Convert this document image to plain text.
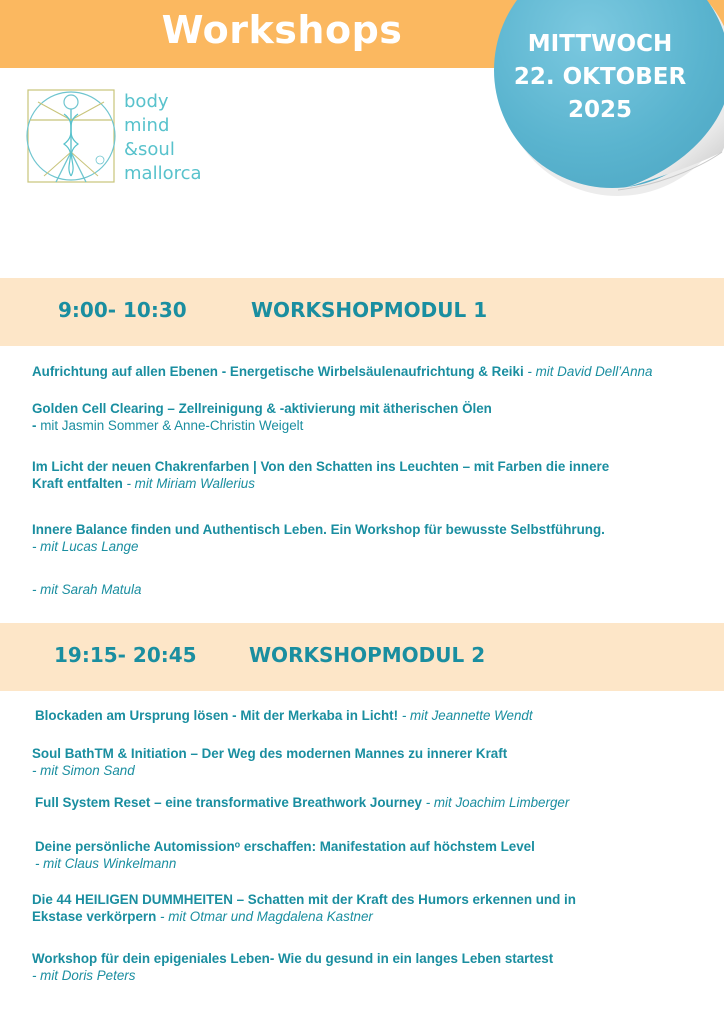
Workshops	MITTWOCH
22. OKTOBER
2025
body
mind
&soul
mallorca
9:00- 10:30	WORKSHOPMODUL 1
Aufrichtung auf allen Ebenen - Energetische Wirbelsäulenaufrichtung & Reiki - mit David Dell’Anna
Golden Cell Clearing – Zellreinigung & -aktivierung mit ätherischen Ölen
- mit Jasmin Sommer & Anne-Christin Weigelt
Im Licht der neuen Chakrenfarben | Von den Schatten ins Leuchten – mit Farben die innere
Kraft entfalten - mit Miriam Wallerius
Innere Balance finden und Authentisch Leben. Ein Workshop für bewusste Selbstführung.
- mit Lucas Lange
- mit Sarah Matula
19:15- 20:45	WORKSHOPMODUL 2
Blockaden am Ursprung lösen - Mit der Merkaba in Licht! - mit Jeannette Wendt
Soul BathTM & Initiation – Der Weg des modernen Mannes zu innerer Kraft
- mit Simon Sand
Full System Reset – eine transformative Breathwork Journey - mit Joachim Limberger
Deine persönliche Automissionᵒ erschaffen: Manifestation auf höchstem Level
- mit Claus Winkelmann
Die 44 HEILIGEN DUMMHEITEN – Schatten mit der Kraft des Humors erkennen und in
Ekstase verkörpern - mit Otmar und Magdalena Kastner
Workshop für dein epigeniales Leben- Wie du gesund in ein langes Leben startest
- mit Doris Peters
